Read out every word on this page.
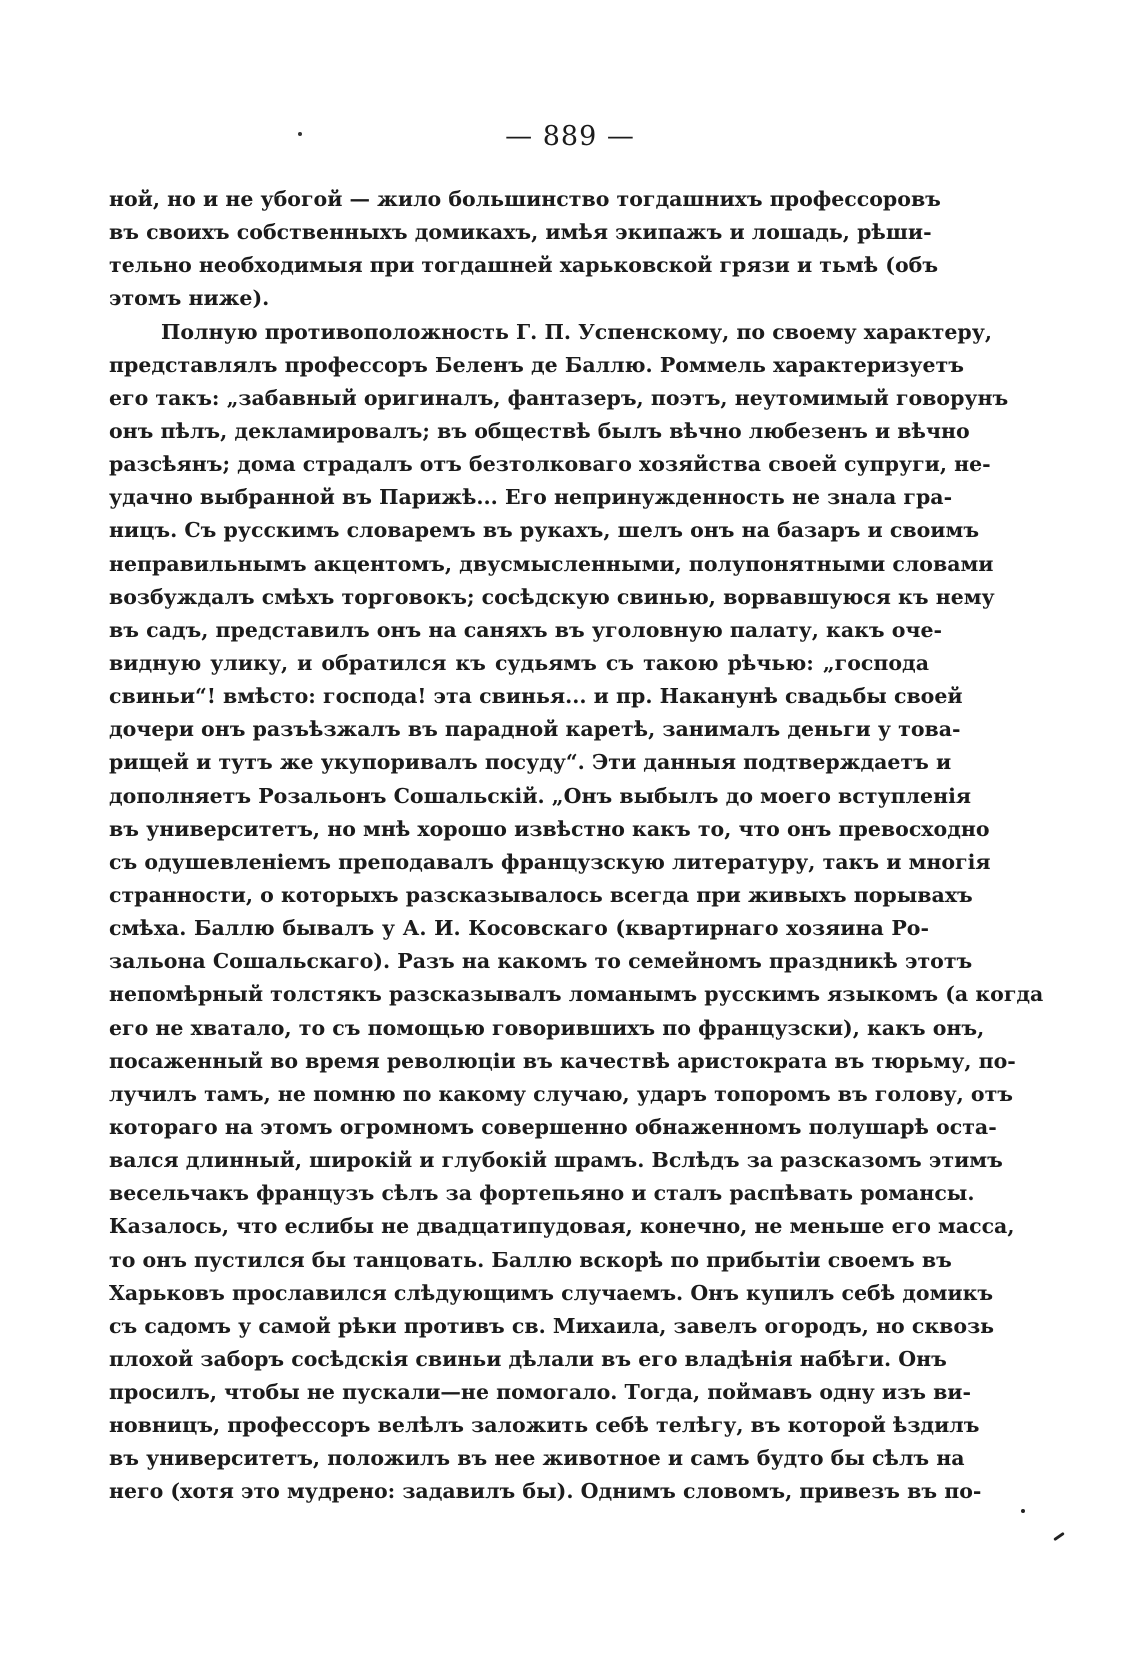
— 889 —
ной, но и не убогой — жило большинство тогдашнихъ профессоровъ
въ своихъ собственныхъ домикахъ, имѣя экипажъ и лошадь, рѣши-
тельно необходимыя при тогдашней харьковской грязи и тьмѣ (объ
этомъ ниже).
Полную противоположность Г. П. Успенскому, по своему характеру,
представлялъ профессоръ Беленъ де Баллю. Роммель характеризуетъ
его такъ: „забавный оригиналъ, фантазеръ, поэтъ, неутомимый говорунъ
онъ пѣлъ, декламировалъ; въ обществѣ былъ вѣчно любезенъ и вѣчно
разсѣянъ; дома страдалъ отъ безтолковаго хозяйства своей супруги, не-
удачно выбранной въ Парижѣ... Его непринужденность не знала гра-
ницъ. Съ русскимъ словаремъ въ рукахъ, шелъ онъ на базаръ и своимъ
неправильнымъ акцентомъ, двусмысленными, полупонятными словами
возбуждалъ смѣхъ торговокъ; сосѣдскую свинью, ворвавшуюся къ нему
въ садъ, представилъ онъ на саняхъ въ уголовную палату, какъ оче-
видную улику, и обратился къ судьямъ съ такою рѣчью: „господа
свиньи“! вмѣсто: господа! эта свинья... и пр. Наканунѣ свадьбы своей
дочери онъ разъѣзжалъ въ парадной каретѣ, занималъ деньги у това-
рищей и тутъ же укупоривалъ посуду“. Эти данныя подтверждаетъ и
дополняетъ Розальонъ Сошальскій. „Онъ выбылъ до моего вступленія
въ университетъ, но мнѣ хорошо извѣстно какъ то, что онъ превосходно
съ одушевленіемъ преподавалъ французскую литературу, такъ и многія
странности, о которыхъ разсказывалось всегда при живыхъ порывахъ
смѣха. Баллю бывалъ у А. И. Косовскаго (квартирнаго хозяина Ро-
зальона Сошальскаго). Разъ на какомъ то семейномъ праздникѣ этотъ
непомѣрный толстякъ разсказывалъ ломанымъ русскимъ языкомъ (а когда
его не хватало, то съ помощью говорившихъ по французски), какъ онъ,
посаженный во время революціи въ качествѣ аристократа въ тюрьму, по-
лучилъ тамъ, не помню по какому случаю, ударъ топоромъ въ голову, отъ
котораго на этомъ огромномъ совершенно обнаженномъ полушарѣ оста-
вался длинный, широкій и глубокій шрамъ. Вслѣдъ за разсказомъ этимъ
весельчакъ французъ сѣлъ за фортепьяно и сталъ распѣвать романсы.
Казалось, что еслибы не двадцатипудовая, конечно, не меньше его масса,
то онъ пустился бы танцовать. Баллю вскорѣ по прибытіи своемъ въ
Харьковъ прославился слѣдующимъ случаемъ. Онъ купилъ себѣ домикъ
съ садомъ у самой рѣки противъ св. Михаила, завелъ огородъ, но сквозь
плохой заборъ сосѣдскія свиньи дѣлали въ его владѣнія набѣги. Онъ
просилъ, чтобы не пускали—не помогало. Тогда, поймавъ одну изъ ви-
новницъ, профессоръ велѣлъ заложить себѣ телѣгу, въ которой ѣздилъ
въ университетъ, положилъ въ нее животное и самъ будто бы сѣлъ на
него (хотя это мудрено: задавилъ бы). Однимъ словомъ, привезъ въ по-
